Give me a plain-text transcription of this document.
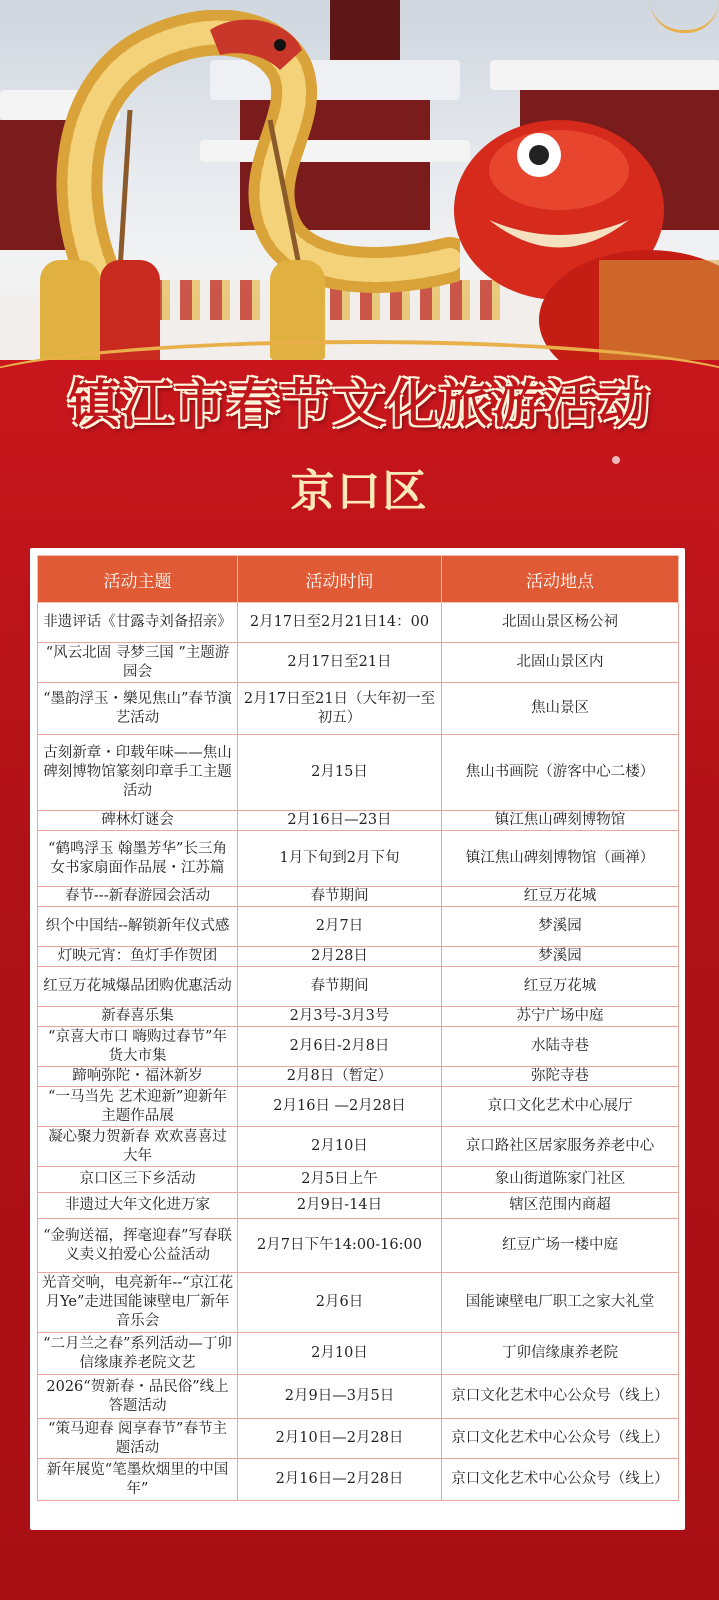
镇江市春节文化旅游活动
京口区
活动主题	活动时间	活动地点
非遗评话《甘露寺刘备招亲》	2月17日至2月21日14：00	北固山景区杨公祠
“风云北固 寻梦三国 ”主题游园会	2月17日至21日	北固山景区内
“墨韵浮玉・樂见焦山”春节演艺活动	2月17日至21日（大年初一至初五）	焦山景区
古刻新章・印载年味——焦山碑刻博物馆篆刻印章手工主题活动	2月15日	焦山书画院（游客中心二楼）
碑林灯谜会	2月16日—23日	镇江焦山碑刻博物馆
“鹤鸣浮玉 翰墨芳华”长三角女书家扇面作品展・江苏篇	1月下旬到2月下旬	镇江焦山碑刻博物馆（画禅）
春节---新春游园会活动	春节期间	红豆万花城
织个中国结--解锁新年仪式感	2月7日	梦溪园
灯映元宵：鱼灯手作贺团	2月28日	梦溪园
红豆万花城爆品团购优惠活动	春节期间	红豆万花城
新春喜乐集	2月3号-3月3号	苏宁广场中庭
“京喜大市口 嗨购过春节”年货大市集	2月6日-2月8日	水陆寺巷
蹄响弥陀・福沐新岁	2月8日（暂定）	弥陀寺巷
“一马当先 艺术迎新”迎新年主题作品展	2月16日 —2月28日	京口文化艺术中心展厅
凝心聚力贺新春 欢欢喜喜过大年	2月10日	京口路社区居家服务养老中心
京口区三下乡活动	2月5日上午	象山街道陈家门社区
非遗过大年文化进万家	2月9日-14日	辖区范围内商超
“金驹送福，挥毫迎春”写春联义卖义拍爱心公益活动	2月7日下午14:00-16:00	红豆广场一楼中庭
光音交响，电亮新年--“京江花月Ye”走进国能谏壁电厂新年音乐会	2月6日	国能谏壁电厂职工之家大礼堂
“二月兰之春”系列活动—丁卯信缘康养老院文艺	2月10日	丁卯信缘康养老院
2026“贺新春・品民俗”线上答题活动	2月9日—3月5日	京口文化艺术中心公众号（线上）
“策马迎春 阅享春节”春节主题活动	2月10日—2月28日	京口文化艺术中心公众号（线上）
新年展览“笔墨炊烟里的中国年”	2月16日—2月28日	京口文化艺术中心公众号（线上）
